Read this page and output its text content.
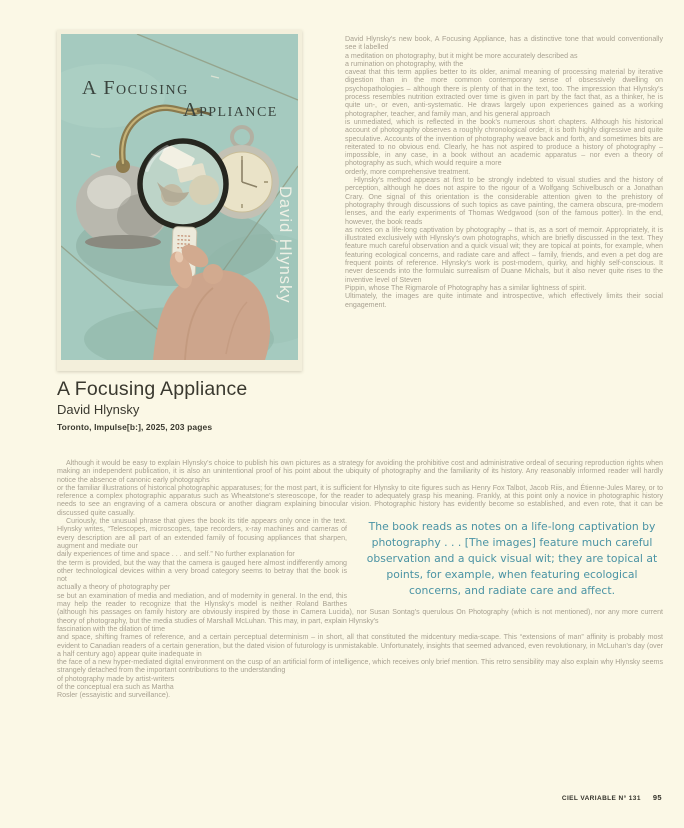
A Focusing
Appliance
David Hlynsky
A Focusing Appliance
David Hlynsky
Toronto, Impulse[b:], 2025, 203 pages

David Hlynsky's new book, A Focusing Appliance, has a distinctive tone that would conventionally see it labelled

a meditation on photography, but it might be more accurately described as

a rumination on photography, with the

caveat that this term applies better to its older, animal meaning of processing material by iterative digestion than in the more common contemporary sense of obsessively dwelling on psychopathologies – although there is plenty of that in the text, too. The impression that Hlynsky's process resembles nutrition extracted over time is given in part by the fact that, as a thinker, he is quite un-, or even, anti-systematic. He draws largely upon experiences gained as a working photographer, teacher, and family man, and his general approach

is unmediated, which is reflected in the book's numerous short chapters. Although his historical account of photography observes a roughly chronological order, it is both highly digressive and quite speculative. Accounts of the invention of photography weave back and forth, and sometimes bits are reiterated to no obvious end. Clearly, he has not aspired to produce a history of photography – impossible, in any case, in a book without an academic apparatus – nor even a theory of photography as such, which would require a more

orderly, more comprehensive treatment.

Hlynsky's method appears at first to be strongly indebted to visual studies and the history of perception, although he does not aspire to the rigour of a Wolfgang Schivelbusch or a Jonathan Crary. One signal of this orientation is the considerable attention given to the prehistory of photography through discussions of such topics as cave painting, the camera obscura, pre-modern lenses, and the early experiments of Thomas Wedgwood (son of the famous potter). In the end, however, the book reads

as notes on a life-long captivation by photography – that is, as a sort of memoir. Appropriately, it is illustrated exclusively with Hlynsky's own photographs, which are briefly discussed in the text. They feature much careful observation and a quick visual wit; they are topical at points, for example, when featuring ecological concerns, and radiate care and affect – family, friends, and even a pet dog are frequent points of reference. Hlynsky's work is post-modern, quirky, and highly self-conscious. It never descends into the formulaic surrealism of Duane Michals, but it also never quite rises to the inventive level of Steven

Pippin, whose The Rigmarole of Photography has a similar lightness of spirit.

Ultimately, the images are quite intimate and introspective, which effectively limits their social engagement.

Although it would be easy to explain Hlynsky's choice to publish his own pictures as a strategy for avoiding the prohibitive cost and administrative ordeal of securing reproduction rights when making an independent publication, it is also an unintentional proof of his point about the ubiquity of photography and the familiarity of its history. Any reasonably informed reader will hardly notice the absence of canonic early photographs

or the familiar illustrations of historical photographic apparatuses; for the most part, it is sufficient for Hlynsky to cite figures such as Henry Fox Talbot, Jacob Riis, and Étienne-Jules Marey, or to reference a complex photographic apparatus such as Wheatstone's stereoscope, for the reader to adequately grasp his meaning. Frankly, at this point only a novice in photographic history needs to see an engraving of a camera obscura or another diagram explaining binocular vision. Photographic history has evidently become so established, and even rote, that it can be discussed quite casually.

The book reads as notes on a life-long captivation by photography . . . [The images] feature much careful observation and a quick visual wit; they are topical at points, for example, when featuring ecological concerns, and radiate care and affect.

Curiously, the unusual phrase that gives the book its title appears only once in the text. Hlynsky writes, “Telescopes, microscopes, tape recorders, x-ray machines and cameras of every description are all part of an extended family of focusing appliances that sharpen, augment and mediate our

daily experiences of time and space . . . and self.” No further explanation for

the term is provided, but the way that the camera is gauged here almost indifferently among other technological devices within a very broad category seems to betray that the book is not

actually a theory of photography per

se but an examination of media and mediation, and of modernity in general. In the end, this may help the reader to recognize that the Hlynsky's model is neither Roland Barthes (although his passages on family history are obviously inspired by those in Camera Lucida), nor Susan Sontag's querulous On Photography (which is not mentioned), nor any more current theory of photography, but the media studies of Marshall McLuhan. This may, in part, explain Hlynsky's

fascination with the dilation of time

and space, shifting frames of reference, and a certain perceptual determinism – in short, all that constituted the midcentury media-scape. This “extensions of man” affinity is probably most evident to Canadian readers of a certain generation, but the dated vision of futurology is unmistakable. Unfortunately, insights that seemed advanced, even revolutionary, in McLuhan's day (over a half century ago) appear quite inadequate in

the face of a new hyper-mediated digital environment on the cusp of an artificial form of intelligence, which receives only brief mention. This retro sensibility may also explain why Hlynsky seems strangely detached from the important contributions to the understanding

of photography made by artist-writers

of the conceptual era such as Martha

Rosler (essayistic and surveillance).

CIEL VARIABLE N° 131 95
